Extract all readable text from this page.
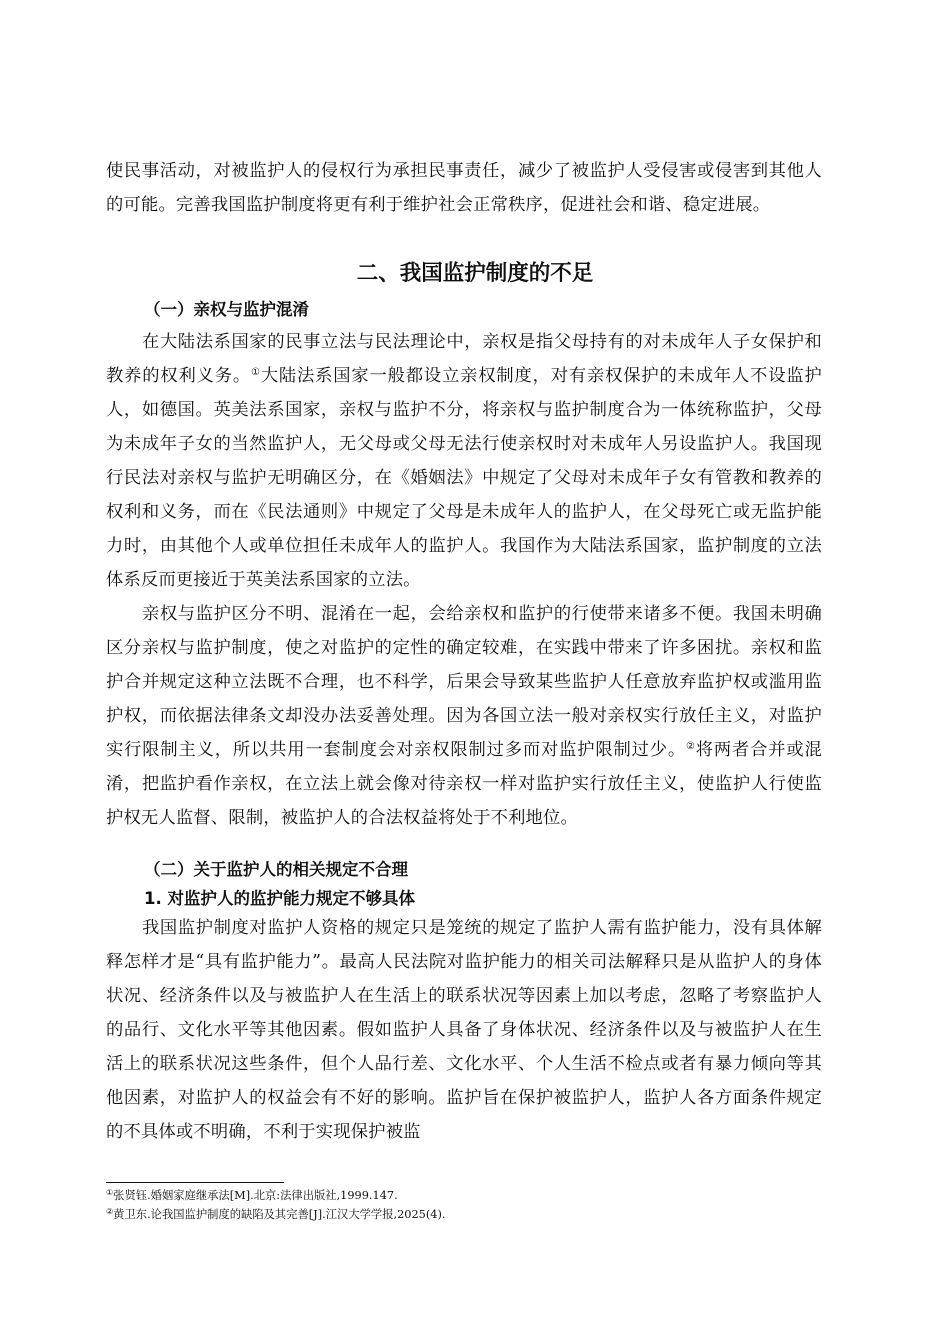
使民事活动，对被监护人的侵权行为承担民事责任，减少了被监护人受侵害或侵害到其他人的可能。完善我国监护制度将更有利于维护社会正常秩序，促进社会和谐、稳定进展。

二、我国监护制度的不足
（一）亲权与监护混淆

在大陆法系国家的民事立法与民法理论中，亲权是指父母持有的对未成年人子女保护和教养的权利义务。①大陆法系国家一般都设立亲权制度，对有亲权保护的未成年人不设监护人，如德国。英美法系国家，亲权与监护不分，将亲权与监护制度合为一体统称监护，父母为未成年子女的当然监护人，无父母或父母无法行使亲权时对未成年人另设监护人。我国现行民法对亲权与监护无明确区分，在《婚姻法》中规定了父母对未成年子女有管教和教养的权利和义务，而在《民法通则》中规定了父母是未成年人的监护人，在父母死亡或无监护能力时，由其他个人或单位担任未成年人的监护人。我国作为大陆法系国家，监护制度的立法体系反而更接近于英美法系国家的立法。

亲权与监护区分不明、混淆在一起，会给亲权和监护的行使带来诸多不便。我国未明确区分亲权与监护制度，使之对监护的定性的确定较难，在实践中带来了许多困扰。亲权和监护合并规定这种立法既不合理，也不科学，后果会导致某些监护人任意放弃监护权或滥用监护权，而依据法律条文却没办法妥善处理。因为各国立法一般对亲权实行放任主义，对监护实行限制主义，所以共用一套制度会对亲权限制过多而对监护限制过少。②将两者合并或混淆，把监护看作亲权，在立法上就会像对待亲权一样对监护实行放任主义，使监护人行使监护权无人监督、限制，被监护人的合法权益将处于不利地位。

（二）关于监护人的相关规定不合理
1. 对监护人的监护能力规定不够具体

我国监护制度对监护人资格的规定只是笼统的规定了监护人需有监护能力，没有具体解释怎样才是“具有监护能力”。最高人民法院对监护能力的相关司法解释只是从监护人的身体状况、经济条件以及与被监护人在生活上的联系状况等因素上加以考虑，忽略了考察监护人的品行、文化水平等其他因素。假如监护人具备了身体状况、经济条件以及与被监护人在生活上的联系状况这些条件，但个人品行差、文化水平、个人生活不检点或者有暴力倾向等其他因素，对监护人的权益会有不好的影响。监护旨在保护被监护人，监护人各方面条件规定的不具体或不明确，不利于实现保护被监

①张贤钰.婚姻家庭继承法[M].北京:法律出版社,1999.147.
②黄卫东.论我国监护制度的缺陷及其完善[J].江汉大学学报,2025(4).
